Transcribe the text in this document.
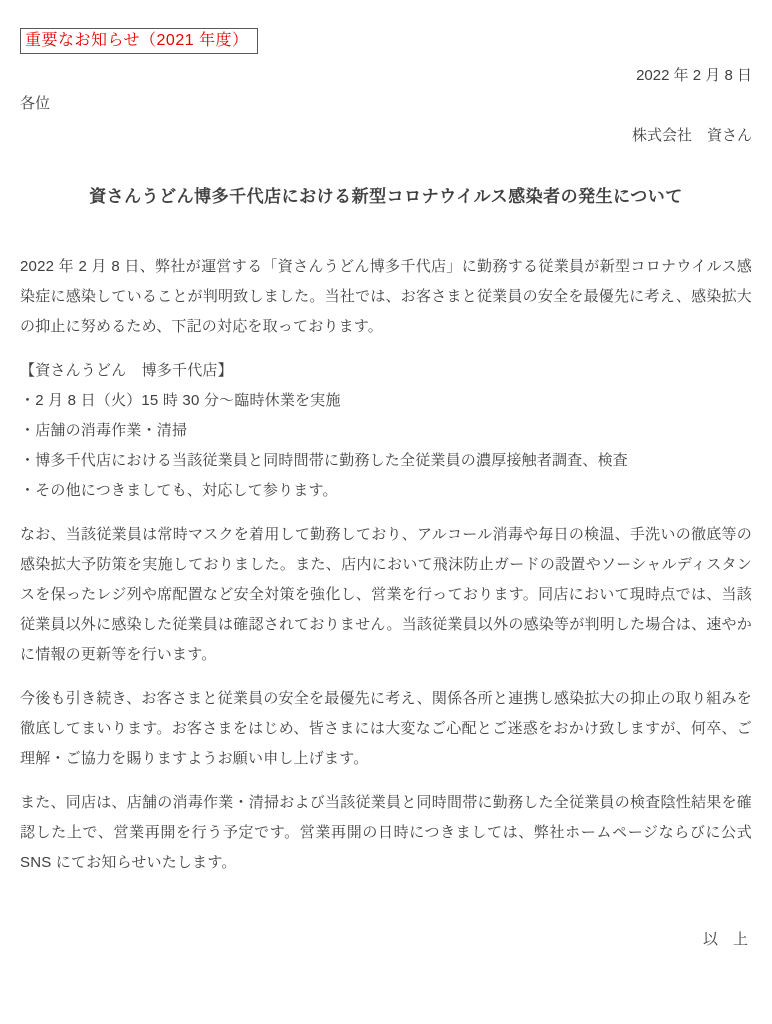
重要なお知らせ（2021 年度）
2022 年 2 月 8 日
各位
株式会社　資さん
資さんうどん博多千代店における新型コロナウイルス感染者の発生について

2022 年 2 月 8 日、弊社が運営する「資さんうどん博多千代店」に勤務する従業員が新型コロナウイルス感染症に感染していることが判明致しました。当社では、お客さまと従業員の安全を最優先に考え、感染拡大の抑止に努めるため、下記の対応を取っております。

【資さんうどん　博多千代店】
・2 月 8 日（火）15 時 30 分～臨時休業を実施
・店舗の消毒作業・清掃
・博多千代店における当該従業員と同時間帯に勤務した全従業員の濃厚接触者調査、検査
・その他につきましても、対応して参ります。

なお、当該従業員は常時マスクを着用して勤務しており、アルコール消毒や毎日の検温、手洗いの徹底等の感染拡大予防策を実施しておりました。また、店内において飛沫防止ガードの設置やソーシャルディスタンスを保ったレジ列や席配置など安全対策を強化し、営業を行っております。同店において現時点では、当該従業員以外に感染した従業員は確認されておりません。当該従業員以外の感染等が判明した場合は、速やかに情報の更新等を行います。

今後も引き続き、お客さまと従業員の安全を最優先に考え、関係各所と連携し感染拡大の抑止の取り組みを徹底してまいります。お客さまをはじめ、皆さまには大変なご心配とご迷惑をおかけ致しますが、何卒、ご理解・ご協力を賜りますようお願い申し上げます。

また、同店は、店舗の消毒作業・清掃および当該従業員と同時間帯に勤務した全従業員の検査陰性結果を確認した上で、営業再開を行う予定です。営業再開の日時につきましては、弊社ホームページならびに公式 SNS にてお知らせいたします。

以　上
